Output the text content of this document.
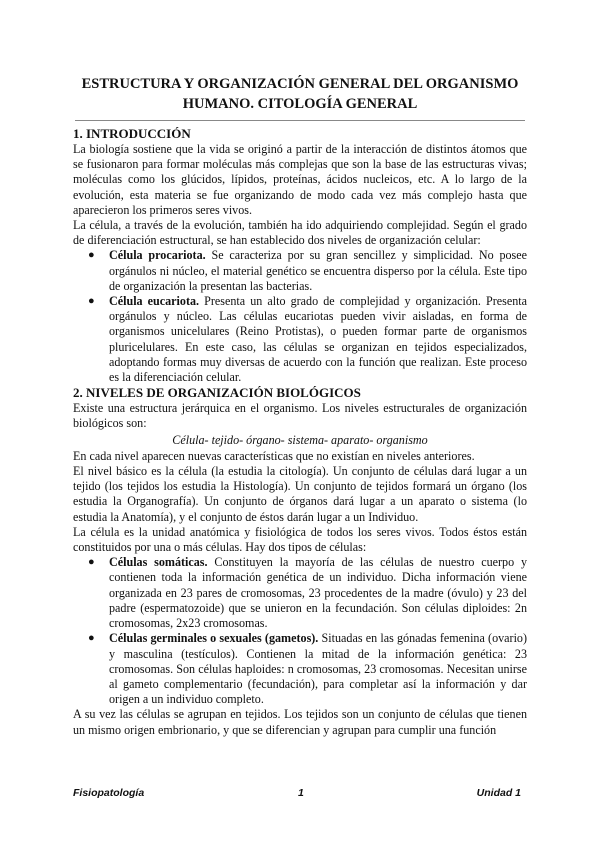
ESTRUCTURA Y ORGANIZACIÓN GENERAL DEL ORGANISMO
HUMANO. CITOLOGÍA GENERAL
1. INTRODUCCIÓN

La biología sostiene que la vida se originó a partir de la interacción de distintos átomos que se fusionaron para formar moléculas más complejas que son la base de las estructuras vivas; moléculas como los glúcidos, lípidos, proteínas, ácidos nucleicos, etc. A lo largo de la evolución, esta materia se fue organizando de modo cada vez más complejo hasta que aparecieron los primeros seres vivos.

La célula, a través de la evolución, también ha ido adquiriendo complejidad. Según el grado de diferenciación estructural, se han establecido dos niveles de organización celular:

● Célula procariota. Se caracteriza por su gran sencillez y simplicidad. No posee orgánulos ni núcleo, el material genético se encuentra disperso por la célula. Este tipo de organización la presentan las bacterias.
● Célula eucariota. Presenta un alto grado de complejidad y organización. Presenta orgánulos y núcleo. Las células eucariotas pueden vivir aisladas, en forma de organismos unicelulares (Reino Protistas), o pueden formar parte de organismos pluricelulares. En este caso, las células se organizan en tejidos especializados, adoptando formas muy diversas de acuerdo con la función que realizan. Este proceso es la diferenciación celular.
2. NIVELES DE ORGANIZACIÓN BIOLÓGICOS

Existe una estructura jerárquica en el organismo. Los niveles estructurales de organización biológicos son:

Célula- tejido- órgano- sistema- aparato- organismo

En cada nivel aparecen nuevas características que no existían en niveles anteriores.

El nivel básico es la célula (la estudia la citología). Un conjunto de células dará lugar a un tejido (los tejidos los estudia la Histología). Un conjunto de tejidos formará un órgano (los estudia la Organografía). Un conjunto de órganos dará lugar a un aparato o sistema (lo estudia la Anatomía), y el conjunto de éstos darán lugar a un Individuo.

La célula es la unidad anatómica y fisiológica de todos los seres vivos. Todos éstos están constituidos por una o más células. Hay dos tipos de células:

● Células somáticas. Constituyen la mayoría de las células de nuestro cuerpo y contienen toda la información genética de un individuo. Dicha información viene organizada en 23 pares de cromosomas, 23 procedentes de la madre (óvulo) y 23 del padre (espermatozoide) que se unieron en la fecundación. Son células diploides: 2n cromosomas, 2x23 cromosomas.
● Células germinales o sexuales (gametos). Situadas en las gónadas femenina (ovario) y masculina (testículos). Contienen la mitad de la información genética: 23 cromosomas. Son células haploides: n cromosomas, 23 cromosomas. Necesitan unirse al gameto complementario (fecundación), para completar así la información y dar origen a un individuo completo.

A su vez las células se agrupan en tejidos. Los tejidos son un conjunto de células que tienen un mismo origen embrionario, y que se diferencian y agrupan para cumplir una función

Fisiopatología	1	Unidad 1
